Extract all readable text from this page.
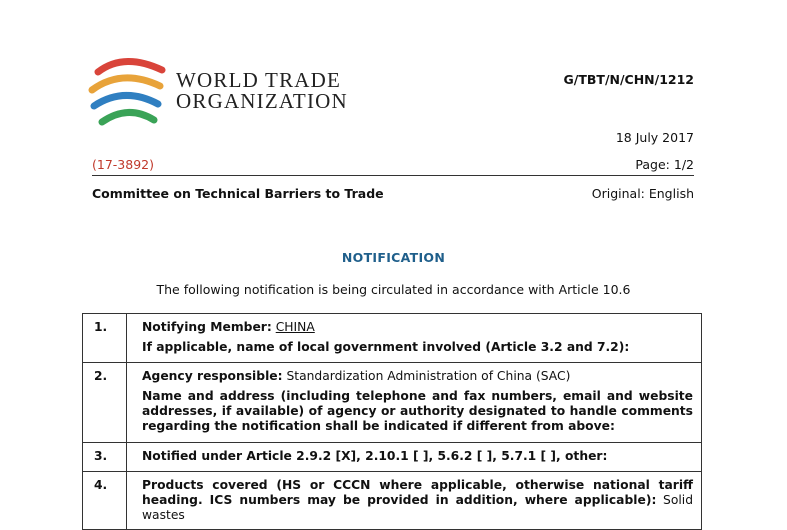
WORLD TRADE
ORGANIZATION
G/TBT/N/CHN/1212
18 July 2017
(17-3892)	Page: 1/2
Committee on Technical Barriers to Trade	Original: English
NOTIFICATION
The following notification is being circulated in accordance with Article 10.6
1.	Notifying Member: CHINA
If applicable, name of local government involved (Article 3.2 and 7.2):

2.	Agency responsible: Standardization Administration of China (SAC)
Name and address (including telephone and fax numbers, email and website addresses, if available) of agency or authority designated to handle comments regarding the notification shall be indicated if different from above:

3.	Notified under Article 2.9.2 [X], 2.10.1 [ ], 5.6.2 [ ], 5.7.1 [ ], other:

4.	Products covered (HS or CCCN where applicable, otherwise national tariff heading. ICS numbers may be provided in addition, where applicable): Solid wastes
